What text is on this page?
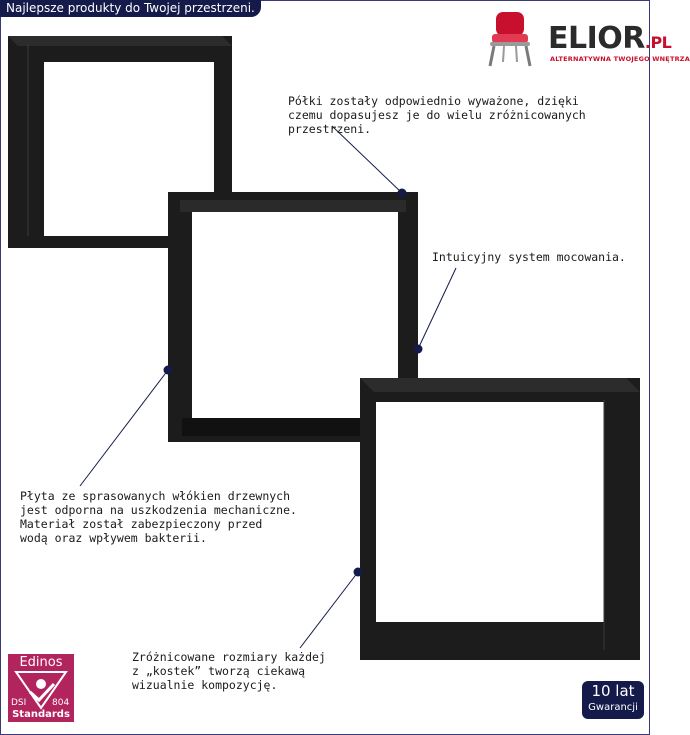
Najlepsze produkty do Twojej przestrzeni.
ELIOR.PL
ALTERNATYWNA TWOJEGO WNĘTRZA
Półki zostały odpowiednio wyważone, dzięki
czemu dopasujesz je do wielu zróżnicowanych
przestrzeni.
Intuicyjny system mocowania.
Płyta ze sprasowanych włókien drzewnych
jest odporna na uszkodzenia mechaniczne.
Materiał został zabezpieczony przed
wodą oraz wpływem bakterii.
Zróżnicowane rozmiary każdej
z „kostek” tworzą ciekawą
wizualnie kompozycję.
Edinos
DSI	804
Standards
10 lat
Gwarancji
